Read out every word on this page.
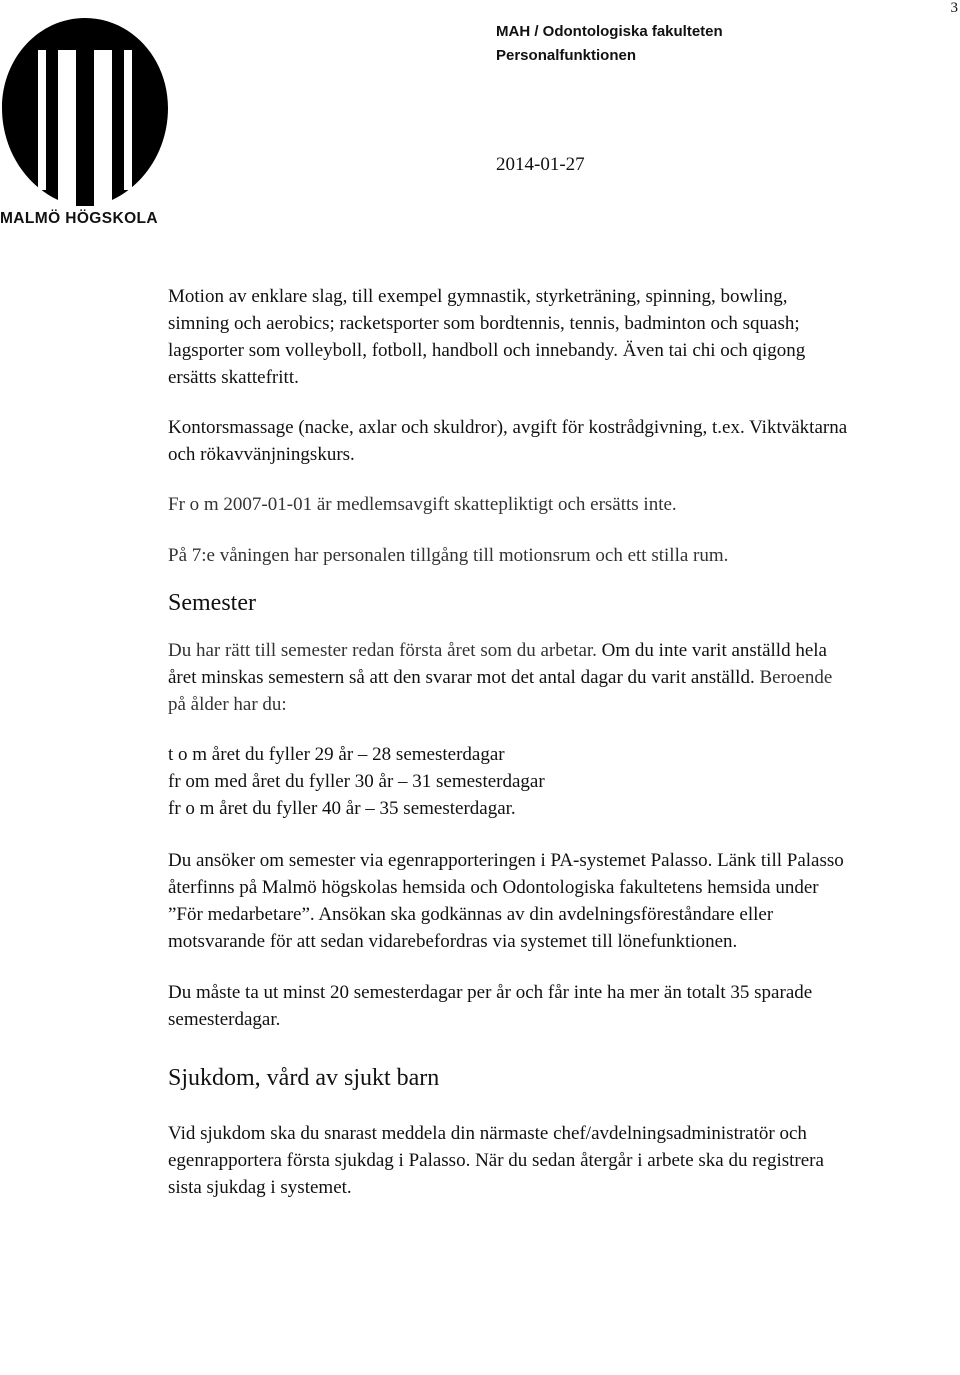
3
MALMÖ HÖGSKOLA
MAH / Odontologiska fakulteten
Personalfunktionen
2014-01-27

Motion av enklare slag, till exempel gymnastik, styrketräning, spinning, bowling, simning och aerobics; racketsporter som bordtennis, tennis, badminton och squash; lagsporter som volleyboll, fotboll, handboll och innebandy. Även tai chi och qigong ersätts skattefritt.

Kontorsmassage (nacke, axlar och skuldror), avgift för kostrådgivning, t.ex. Viktväktarna och rökavvänjningskurs.

Fr o m 2007-01-01 är medlemsavgift skattepliktigt och ersätts inte.

På 7:e våningen har personalen tillgång till motionsrum och ett stilla rum.

Semester

Du har rätt till semester redan första året som du arbetar. Om du inte varit anställd hela året minskas semestern så att den svarar mot det antal dagar du varit anställd. Beroende på ålder har du:

t o m året du fyller 29 år – 28 semesterdagar

fr om med året du fyller 30 år – 31 semesterdagar

fr o m året du fyller 40 år – 35 semesterdagar.

Du ansöker om semester via egenrapporteringen i PA-systemet Palasso. Länk till Palasso återfinns på Malmö högskolas hemsida och Odontologiska fakultetens hemsida under ”För medarbetare”. Ansökan ska godkännas av din avdelningsföreståndare eller motsvarande för att sedan vidarebefordras via systemet till lönefunktionen.

Du måste ta ut minst 20 semesterdagar per år och får inte ha mer än totalt 35 sparade semesterdagar.

Sjukdom, vård av sjukt barn

Vid sjukdom ska du snarast meddela din närmaste chef/avdelningsadministratör och egenrapportera första sjukdag i Palasso. När du sedan återgår i arbete ska du registrera sista sjukdag i systemet.
